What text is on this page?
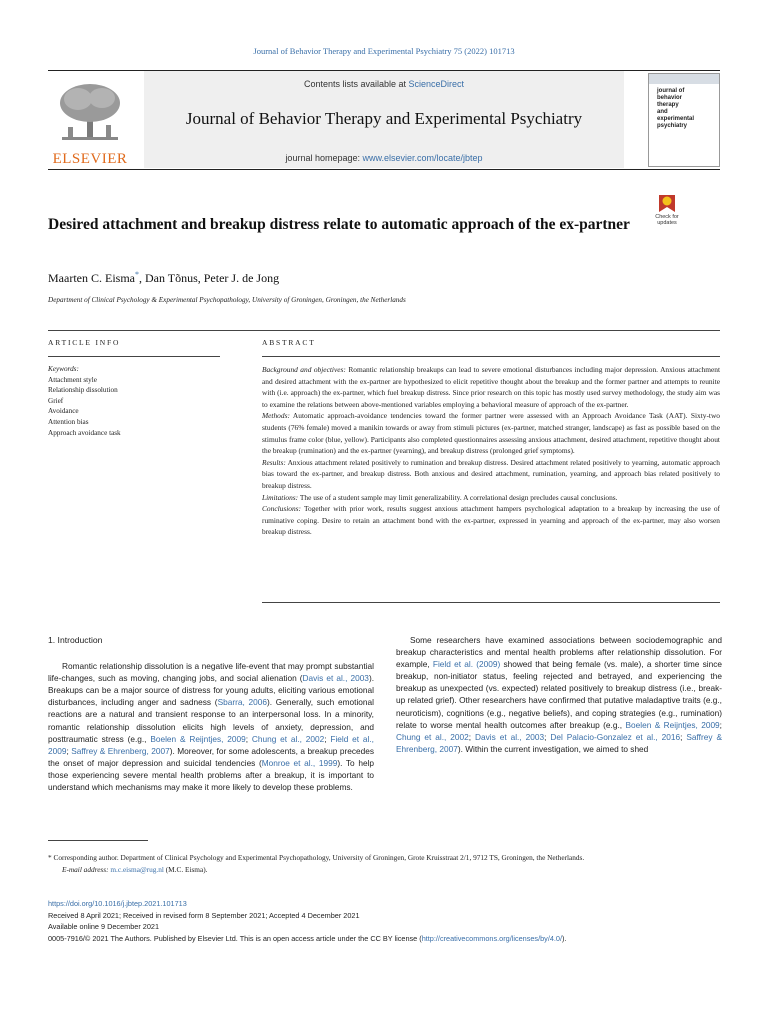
Journal of Behavior Therapy and Experimental Psychiatry 75 (2022) 101713
ELSEVIER
Contents lists available at ScienceDirect
Journal of Behavior Therapy and Experimental Psychiatry
journal homepage: www.elsevier.com/locate/jbtep
journal of
behavior
therapy
and
experimental
psychiatry
Desired attachment and breakup distress relate to automatic approach of the ex-partner	Check for
updates
Maarten C. Eisma*, Dan Tõnus, Peter J. de Jong
Department of Clinical Psychology & Experimental Psychopathology, University of Groningen, Groningen, the Netherlands
ARTICLE INFO	ABSTRACT
Keywords:
Attachment style
Relationship dissolution
Grief
Avoidance
Attention bias
Approach avoidance task

Background and objectives: Romantic relationship breakups can lead to severe emotional disturbances including major depression. Anxious attachment and desired attachment with the ex-partner are hypothesized to elicit repetitive thought about the breakup and the former partner and attempts to reunite with (i.e. approach) the ex-partner, which fuel breakup distress. Since prior research on this topic has mostly used survey methodology, the study aim was to examine the relations between above-mentioned variables employing a behavioral measure of approach of the ex-partner.

Methods: Automatic approach-avoidance tendencies toward the former partner were assessed with an Approach Avoidance Task (AAT). Sixty-two students (76% female) moved a manikin towards or away from stimuli pictures (ex-partner, matched stranger, landscape) as fast as possible based on the stimulus frame color (blue, yellow). Participants also completed questionnaires assessing anxious attachment, desired attachment, repetitive thought about the breakup (rumination) and the ex-partner (yearning), and breakup distress (prolonged grief symptoms).

Results: Anxious attachment related positively to rumination and breakup distress. Desired attachment related positively to yearning, automatic approach bias toward the ex-partner, and breakup distress. Both anxious and desired attachment, rumination, yearning, and approach bias related positively to breakup distress.

Limitations: The use of a student sample may limit generalizability. A correlational design precludes causal conclusions.

Conclusions: Together with prior work, results suggest anxious attachment hampers psychological adaptation to a breakup by increasing the use of ruminative coping. Desire to retain an attachment bond with the ex-partner, expressed in yearning and approach of the ex-partner, may also worsen breakup distress.

1. Introduction

Romantic relationship dissolution is a negative life-event that may prompt substantial life-changes, such as moving, changing jobs, and social alienation (Davis et al., 2003). Breakups can be a major source of distress for young adults, eliciting various emotional disturbances, including anger and sadness (Sbarra, 2006). Generally, such emotional reactions are a natural and transient response to an interpersonal loss. In a minority, romantic relationship dissolution elicits high levels of anxiety, depression, and posttraumatic stress (e.g., Boelen & Reijntjes, 2009; Chung et al., 2002; Field et al., 2009; Saffrey & Ehrenberg, 2007). Moreover, for some adolescents, a breakup precedes the onset of major depression and suicidal tendencies (Monroe et al., 1999). To help those experiencing severe mental health problems after a breakup, it is important to understand which mechanisms may make it more likely to develop these problems.

Some researchers have examined associations between sociodemographic and breakup characteristics and mental health problems after relationship dissolution. For example, Field et al. (2009) showed that being female (vs. male), a shorter time since breakup, non-initiator status, feeling rejected and betrayed, and experiencing the breakup as unexpected (vs. expected) related positively to breakup distress (i.e., break-up related grief). Other researchers have confirmed that putative maladaptive traits (e.g., neuroticism), cognitions (e.g., negative beliefs), and coping strategies (e.g., rumination) relate to worse mental health outcomes after breakup (e.g., Boelen & Reijntjes, 2009; Chung et al., 2002; Davis et al., 2003; Del Palacio-Gonzalez et al., 2016; Saffrey & Ehrenberg, 2007). Within the current investigation, we aimed to shed

* Corresponding author. Department of Clinical Psychology and Experimental Psychopathology, University of Groningen, Grote Kruisstraat 2/1, 9712 TS, Groningen, the Netherlands.
E-mail address: m.c.eisma@rug.nl (M.C. Eisma).
https://doi.org/10.1016/j.jbtep.2021.101713
Received 8 April 2021; Received in revised form 8 September 2021; Accepted 4 December 2021
Available online 9 December 2021
0005-7916/© 2021 The Authors. Published by Elsevier Ltd. This is an open access article under the CC BY license (http://creativecommons.org/licenses/by/4.0/).
